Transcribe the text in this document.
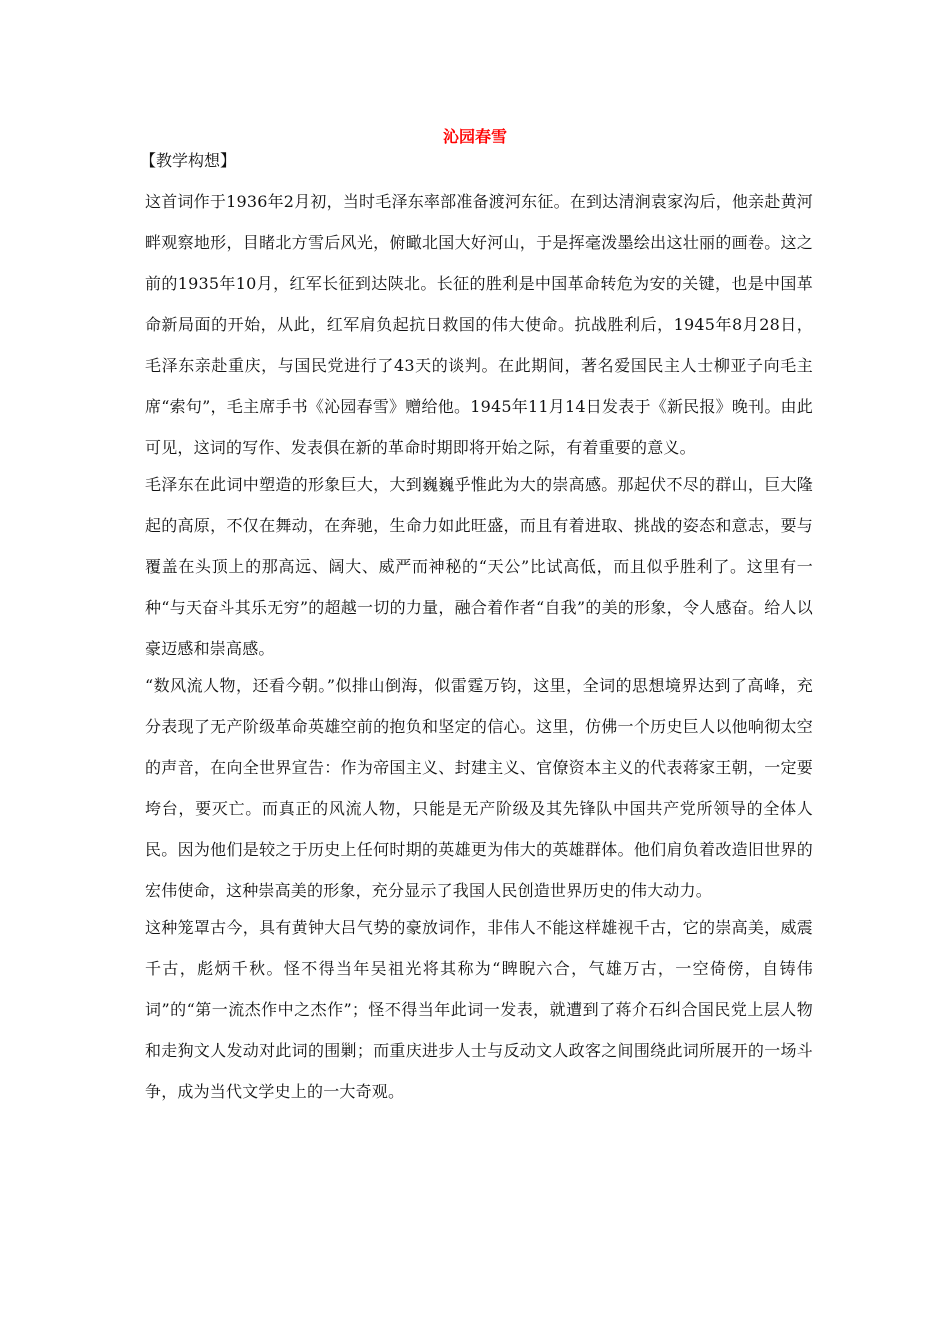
沁园春雪

【教学构想】

这首词作于1936年2月初，当时毛泽东率部准备渡河东征。在到达清涧袁家沟后，他亲赴黄河畔观察地形，目睹北方雪后风光，俯瞰北国大好河山，于是挥毫泼墨绘出这壮丽的画卷。这之前的1935年10月，红军长征到达陕北。长征的胜利是中国革命转危为安的关键，也是中国革命新局面的开始，从此，红军肩负起抗日救国的伟大使命。抗战胜利后，1945年8月28日，毛泽东亲赴重庆，与国民党进行了43天的谈判。在此期间，著名爱国民主人士柳亚子向毛主席“索句”，毛主席手书《沁园春雪》赠给他。1945年11月14日发表于《新民报》晚刊。由此可见，这词的写作、发表俱在新的革命时期即将开始之际，有着重要的意义。

毛泽东在此词中塑造的形象巨大，大到巍巍乎惟此为大的崇高感。那起伏不尽的群山，巨大隆起的高原，不仅在舞动，在奔驰，生命力如此旺盛，而且有着进取、挑战的姿态和意志，要与覆盖在头顶上的那高远、阔大、威严而神秘的“天公”比试高低，而且似乎胜利了。这里有一种“与天奋斗其乐无穷”的超越一切的力量，融合着作者“自我”的美的形象，令人感奋。给人以豪迈感和崇高感。

“数风流人物，还看今朝。”似排山倒海，似雷霆万钧，这里，全词的思想境界达到了高峰，充分表现了无产阶级革命英雄空前的抱负和坚定的信心。这里，仿佛一个历史巨人以他响彻太空的声音，在向全世界宣告：作为帝国主义、封建主义、官僚资本主义的代表蒋家王朝，一定要垮台，要灭亡。而真正的风流人物，只能是无产阶级及其先锋队中国共产党所领导的全体人民。因为他们是较之于历史上任何时期的英雄更为伟大的英雄群体。他们肩负着改造旧世界的宏伟使命，这种崇高美的形象，充分显示了我国人民创造世界历史的伟大动力。

这种笼罩古今，具有黄钟大吕气势的豪放词作，非伟人不能这样雄视千古，它的崇高美，威震千古，彪炳千秋。怪不得当年吴祖光将其称为“睥睨六合，气雄万古，一空倚傍，自铸伟词”的“第一流杰作中之杰作”；怪不得当年此词一发表，就遭到了蒋介石纠合国民党上层人物和走狗文人发动对此词的围剿；而重庆进步人士与反动文人政客之间围绕此词所展开的一场斗争，成为当代文学史上的一大奇观。
